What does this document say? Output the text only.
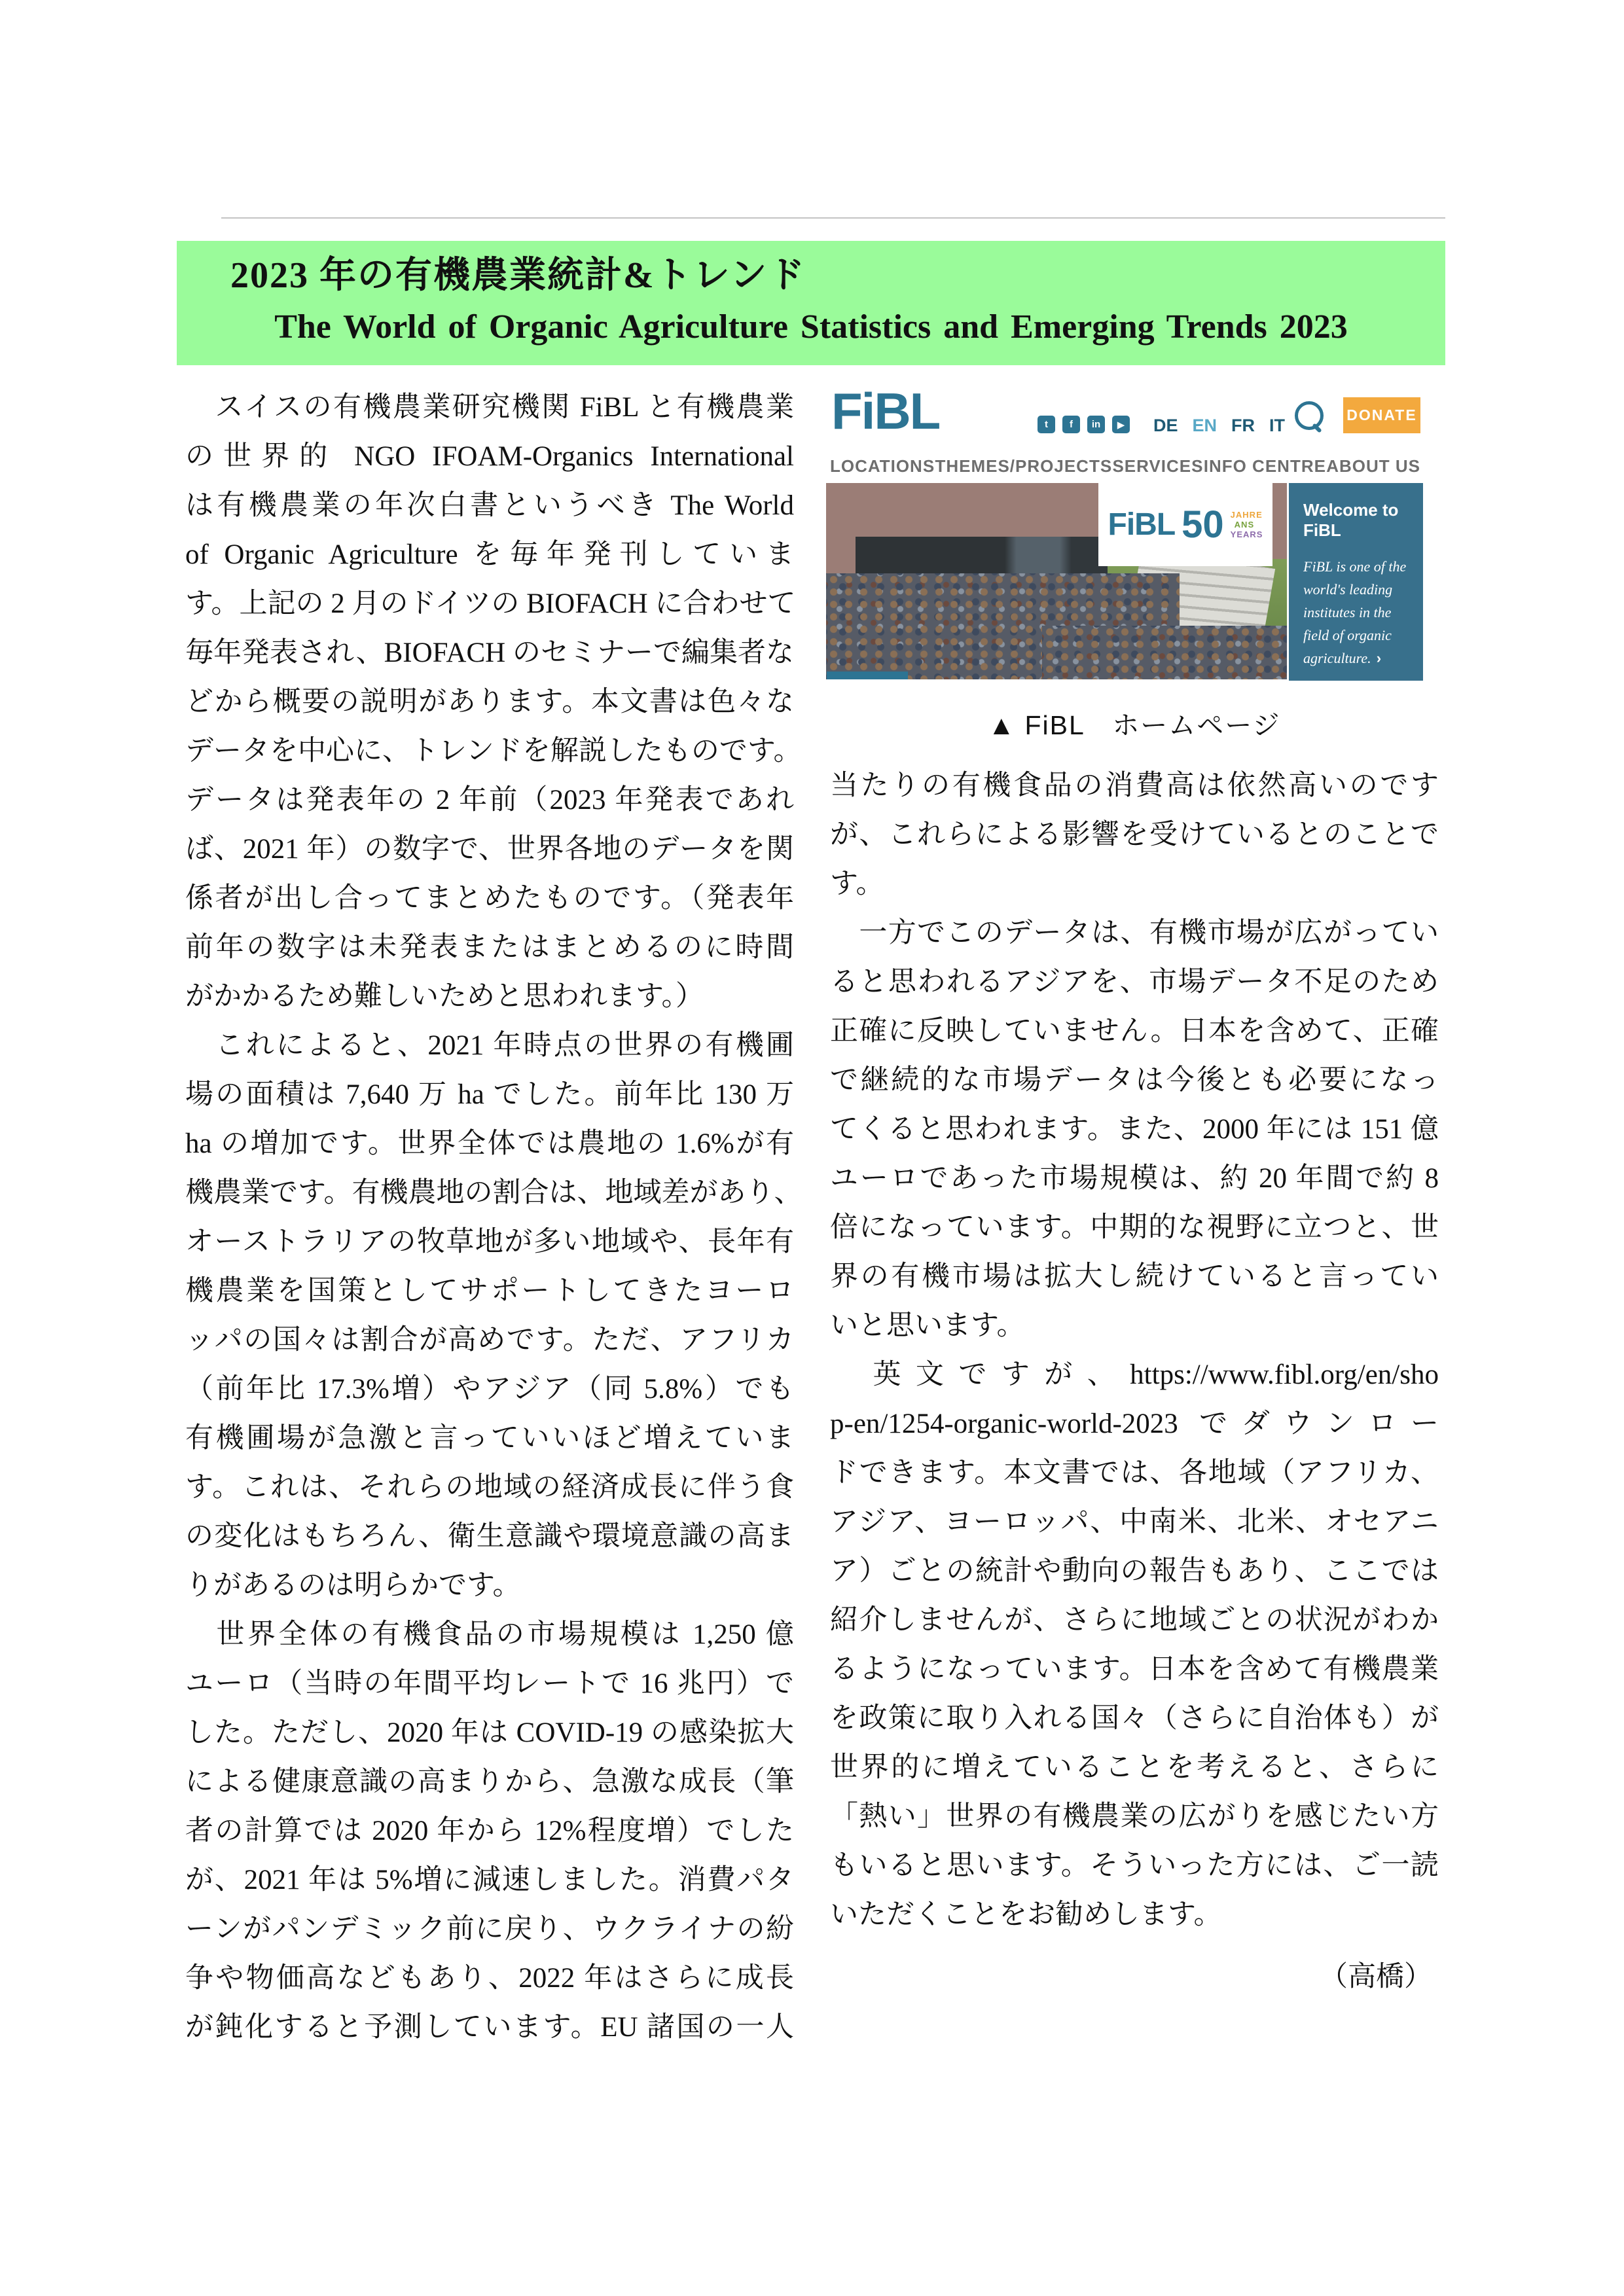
2023 年の有機農業統計&トレンド
The World of Organic Agriculture Statistics and Emerging Trends 2023
　スイスの有機農業研究機関 FiBL と有機農業
の世界的 NGO IFOAM-Organics International
は有機農業の年次白書というべき The World
of Organic Agriculture を毎年発刊していま
す。上記の 2 月のドイツの BIOFACH に合わせて
毎年発表され、BIOFACH のセミナーで編集者な
どから概要の説明があります。本文書は色々な
データを中心に、トレンドを解説したものです。
データは発表年の 2 年前（2023 年発表であれ
ば、2021 年）の数字で、世界各地のデータを関
係者が出し合ってまとめたものです。（発表年
前年の数字は未発表またはまとめるのに時間
がかかるため難しいためと思われます。）
　これによると、2021 年時点の世界の有機圃
場の面積は 7,640 万 ha でした。前年比 130 万
ha の増加です。世界全体では農地の 1.6%が有
機農業です。有機農地の割合は、地域差があり、
オーストラリアの牧草地が多い地域や、長年有
機農業を国策としてサポートしてきたヨーロ
ッパの国々は割合が高めです。ただ、アフリカ
（前年比 17.3%増）やアジア（同 5.8%）でも
有機圃場が急激と言っていいほど増えていま
す。これは、それらの地域の経済成長に伴う食
の変化はもちろん、衛生意識や環境意識の高ま
りがあるのは明らかです。
　世界全体の有機食品の市場規模は 1,250 億
ユーロ（当時の年間平均レートで 16 兆円）で
した。ただし、2020 年は COVID-19 の感染拡大
による健康意識の高まりから、急激な成長（筆
者の計算では 2020 年から 12%程度増）でした
が、2021 年は 5%増に減速しました。消費パタ
ーンがパンデミック前に戻り、ウクライナの紛
争や物価高などもあり、2022 年はさらに成長
が鈍化すると予測しています。EU 諸国の一人
FiBL	t	f	in	▶ DE EN FR IT
DONATE
LOCATIONS THEMES/PROJECTS SERVICES INFO CENTRE ABOUT US
FiBL 50 JAHRE
ANS
YEARS
Welcome to FiBL
FiBL is one of the world's leading institutes in the field of organic agriculture. ›
▲ FiBL　ホームページ
当たりの有機食品の消費高は依然高いのです
が、これらによる影響を受けているとのことで
す。
　一方でこのデータは、有機市場が広がってい
ると思われるアジアを、市場データ不足のため
正確に反映していません。日本を含めて、正確
で継続的な市場データは今後とも必要になっ
てくると思われます。また、2000 年には 151 億
ユーロであった市場規模は、約 20 年間で約 8
倍になっています。中期的な視野に立つと、世
界の有機市場は拡大し続けていると言ってい
いと思います。
　英文ですが、https://www.fibl.org/en/sho
p-en/1254-organic-world-2023 でダウンロー
ドできます。本文書では、各地域（アフリカ、
アジア、ヨーロッパ、中南米、北米、オセアニ
ア）ごとの統計や動向の報告もあり、ここでは
紹介しませんが、さらに地域ごとの状況がわか
るようになっています。日本を含めて有機農業
を政策に取り入れる国々（さらに自治体も）が
世界的に増えていることを考えると、さらに
「熱い」世界の有機農業の広がりを感じたい方
もいると思います。そういった方には、ご一読
いただくことをお勧めします。
（高橋）
